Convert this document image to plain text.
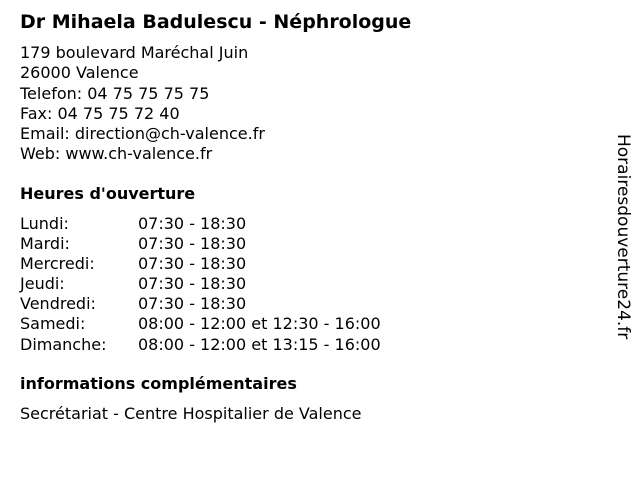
Dr Mihaela Badulescu - Néphrologue
179 boulevard Maréchal Juin
26000 Valence
Telefon: 04 75 75 75 75
Fax: 04 75 75 72 40
Email: direction@ch-valence.fr
Web: www.ch-valence.fr
Heures d'ouverture
Lundi:	07:30 - 18:30
Mardi:	07:30 - 18:30
Mercredi:	07:30 - 18:30
Jeudi:	07:30 - 18:30
Vendredi:	07:30 - 18:30
Samedi:	08:00 - 12:00 et 12:30 - 16:00
Dimanche:	08:00 - 12:00 et 13:15 - 16:00
informations complémentaires
Secrétariat - Centre Hospitalier de Valence
Horairesdouverture24.fr
